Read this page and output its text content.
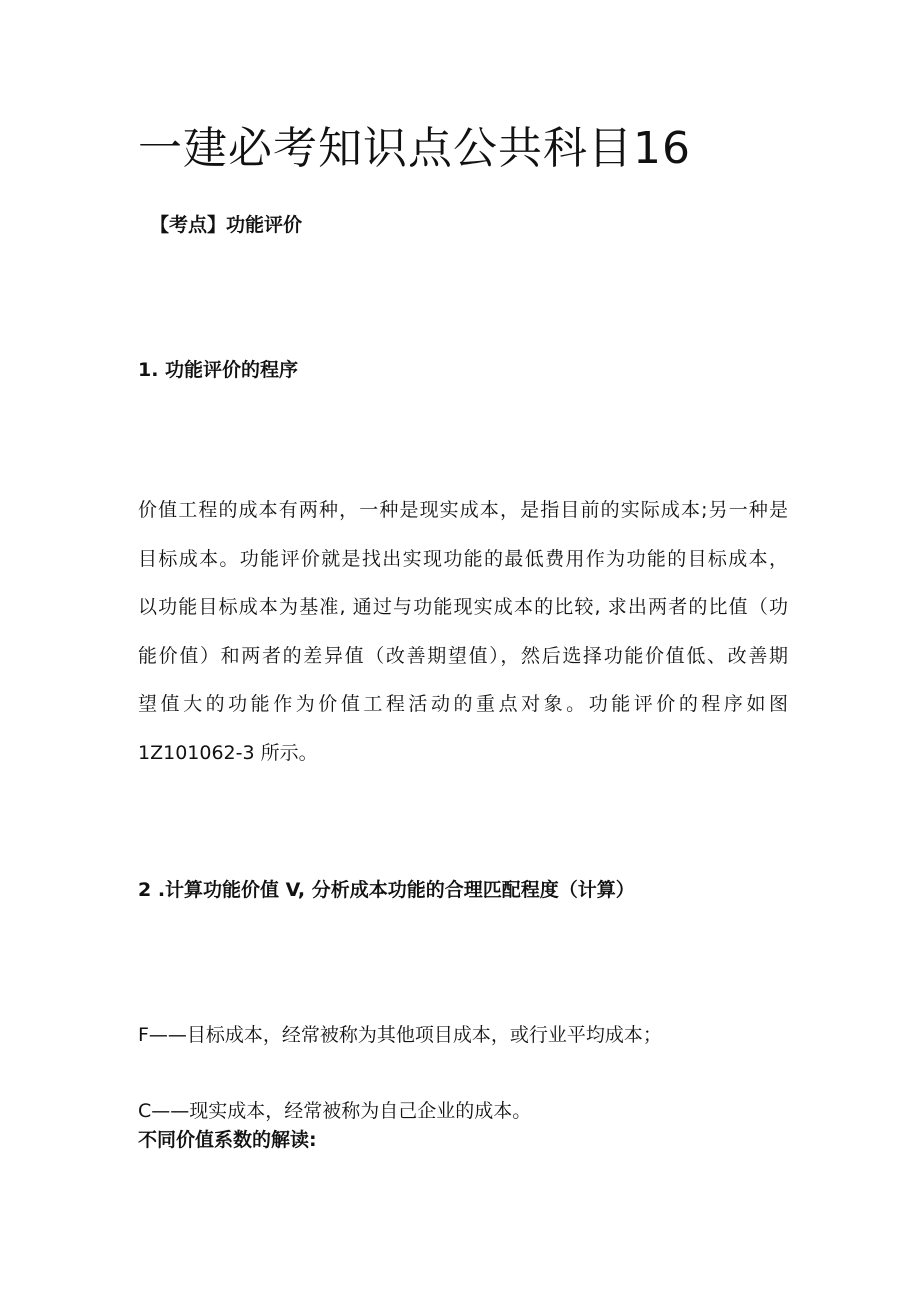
一建必考知识点公共科目16
【考点】功能评价
1. 功能评价的程序
价值工程的成本有两种，一种是现实成本，是指目前的实际成本;另一种是
目标成本。功能评价就是找出实现功能的最低费用作为功能的目标成本，
以功能目标成本为基准, 通过与功能现实成本的比较, 求出两者的比值（功
能价值）和两者的差异值（改善期望值），然后选择功能价值低、改善期
望值大的功能作为价值工程活动的重点对象。功能评价的程序如图
1Z101062-3 所示。
2 .计算功能价值 V, 分析成本功能的合理匹配程度（计算）
F——目标成本，经常被称为其他项目成本，或行业平均成本；
C——现实成本，经常被称为自己企业的成本。
不同价值系数的解读:
